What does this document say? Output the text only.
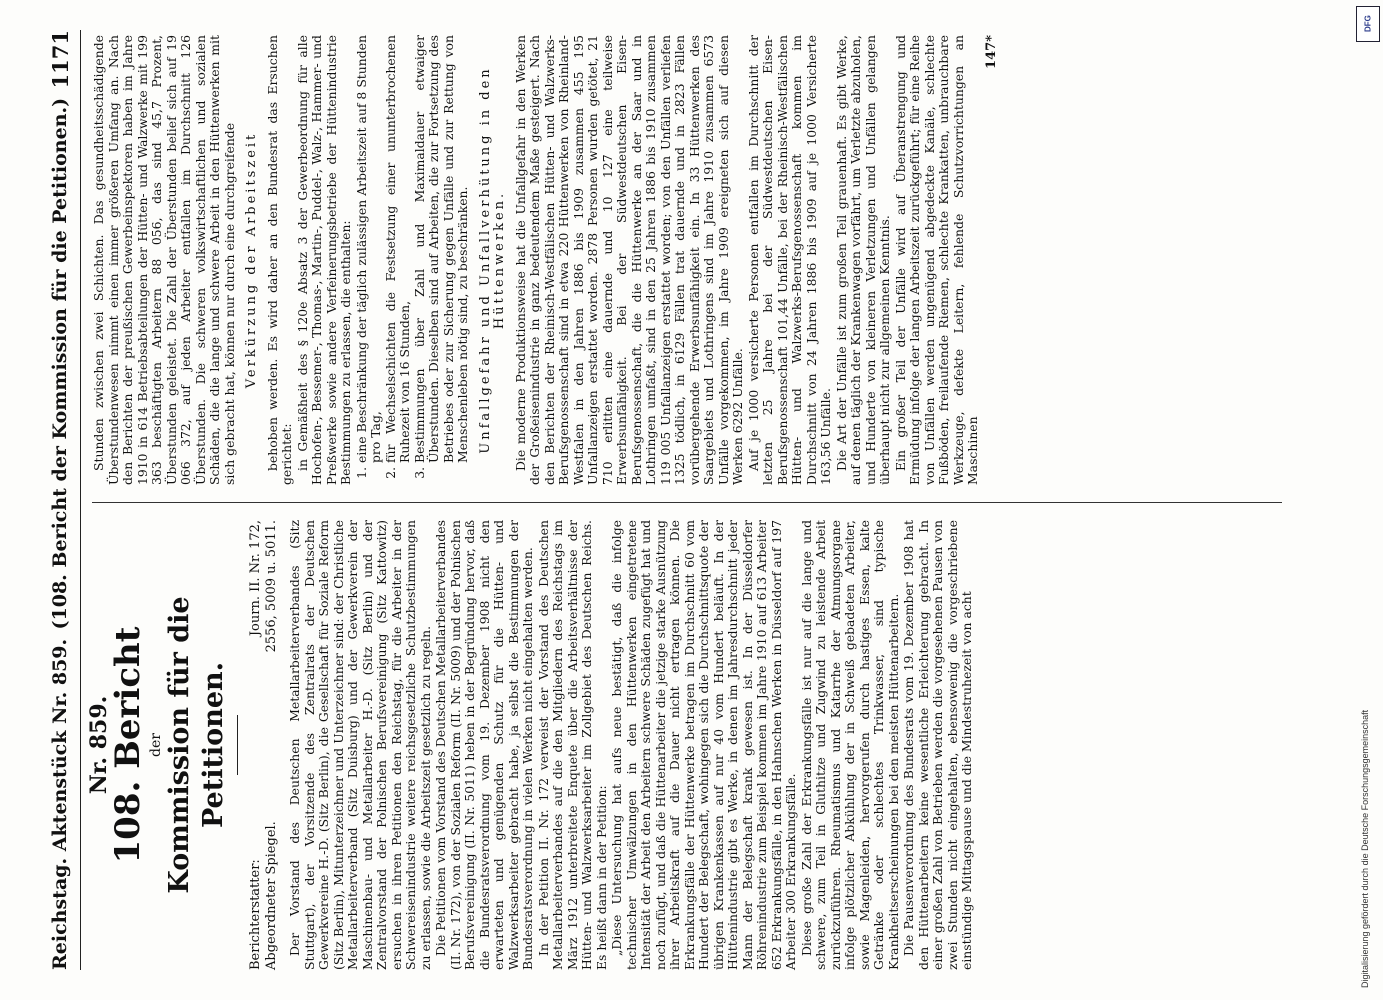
Reichstag. Aktenstück Nr. 859.
(108. Bericht der Kommission für die Petitionen.)
1171
Nr. 859.
108. Bericht der Kommission für die Petitionen.
Berichterstatter: Abgeordneter Spiegel.
Journ. II. Nr. 172, 2556, 5009 u. 5011. Der Vorstand des Deutschen Metallarbeiterverbandes (Sitz Stuttgart), der Vorsitzende des Zentralrats der Deutschen Gewerkvereine H.-D. (Sitz Berlin), die Gesellschaft für Soziale Reform (Sitz Berlin), Mitunterzeichner und Unterzeichner sind: der Christliche Metallarbeiterverband (Sitz Duisburg) und der Gewerkverein der Maschinenbau- und Metallarbeiter H.-D. (Sitz Berlin) und der Zentralvorstand der Polnischen Berufsvereinigung (Sitz Kattowitz) ersuchen in ihren Petitionen den Reichstag, für die Arbeiter in der Schwereisenindustrie weitere reichsgesetzliche Schutzbestimmungen zu erlassen, sowie die Arbeitszeit gesetzlich zu regeln. Die Petitionen vom Vorstand des Deutschen Metallarbeiterverbandes (II. Nr. 172), von der Sozialen Reform (II. Nr. 5009) und der Polnischen Berufsvereinigung (II. Nr. 5011) heben in der Begründung hervor, daß die Bundesratsverordnung vom 19. Dezember 1908 nicht den erwarteten und genügenden Schutz für die Hütten- und Walzwerksarbeiter gebracht habe, ja selbst die Bestimmungen der Bundesratsverordnung in vielen Werken nicht eingehalten werden. In der Petition II. Nr. 172 verweist der Vorstand des Deutschen Metallarbeiterverbandes auf die den Mitgliedern des Reichstags im März 1912 unterbreitete Enquete über die Arbeitsverhältnisse der Hütten- und Walzwerksarbeiter im Zollgebiet des Deutschen Reichs. Es heißt dann in der Petition: „Diese Untersuchung hat aufs neue bestätigt, daß die infolge technischer Umwälzungen in den Hüttenwerken eingetretene Intensität der Arbeit den Arbeitern schwere Schäden zugefügt hat und noch zufügt, und daß die Hüttenarbeiter die jetzige starke Ausnützung ihrer Arbeitskraft auf die Dauer nicht ertragen können. Die Erkrankungsfälle der Hüttenwerke betragen im Durchschnitt 60 vom Hundert der Belegschaft, wohingegen sich die Durchschnittsquote der übrigen Krankenkassen auf nur 40 vom Hundert beläuft. In der Hüttenindustrie gibt es Werke, in denen im Jahresdurchschnitt jeder Mann der Belegschaft krank gewesen ist. In der Düsseldorfer Röhrenindustrie zum Beispiel kommen im Jahre 1910 auf 613 Arbeiter 652 Erkrankungsfälle, in den Hahnschen Werken in Düsseldorf auf 197 Arbeiter 300 Erkrankungsfälle. Diese große Zahl der Erkrankungsfälle ist nur auf die lange und schwere, zum Teil in Gluthitze und Zugwind zu leistende Arbeit zurückzuführen. Rheumatismus und Katarrhe der Atmungsorgane infolge plötzlicher Abkühlung der in Schweiß gebadeten Arbeiter, sowie Magenleiden, hervorgerufen durch hastiges Essen, kalte Getränke oder schlechtes Trinkwasser, sind typische Krankheitserscheinungen bei den meisten Hüttenarbeitern. Die Pausenverordnung des Bundesrats vom 19. Dezember 1908 hat den Hüttenarbeitern keine wesentliche Erleichterung gebracht. In einer großen Zahl von Betrieben werden die vorgesehenen Pausen von zwei Stunden nicht eingehalten, ebensowenig die vorgeschriebene einstündige Mittagspause und die Mindestruhezeit von acht

Stunden zwischen zwei Schichten. Das gesundheitsschädigende Überstundenwesen nimmt einen immer größeren Umfang an. Nach den Berichten der preußischen Gewerbeinspektoren haben im Jahre 1910 in 614 Betriebsabteilungen der Hütten- und Walzwerke mit 199 363 beschäftigten Arbeitern 88 056, das sind 45,7 Prozent, Überstunden geleistet. Die Zahl der Überstunden belief sich auf 19 066 372, auf jeden Arbeiter entfallen im Durchschnitt 126 Überstunden. Die schweren volkswirtschaftlichen und sozialen Schäden, die die lange und schwere Arbeit in den Hüttenwerken mit sich gebracht hat, können nur durch eine durchgreifende Verkürzung der Arbeitszeit behoben werden. Es wird daher an den Bundesrat das Ersuchen gerichtet: in Gemäßheit des § 120e Absatz 3 der Gewerbeordnung für alle Hochofen-, Bessemer-, Thomas-, Martin-, Puddel-, Walz-, Hammer- und Preßwerke sowie andere Verfeinerungsbetriebe der Hüttenindustrie Bestimmungen zu erlassen, die enthalten: 1. eine Beschränkung der täglich zulässigen Arbeitszeit auf 8 Stunden pro Tag, 2. für Wechselschichten die Festsetzung einer ununterbrochenen Ruhezeit von 16 Stunden, 3. Bestimmungen über Zahl und Maximaldauer etwaiger Überstunden. Dieselben sind auf Arbeiten, die zur Fortsetzung des Betriebes oder zur Sicherung gegen Unfälle und zur Rettung von Menschenleben nötig sind, zu beschränken. Unfallgefahr und Unfallverhütung in den Hüttenwerken. Die moderne Produktionsweise hat die Unfallgefahr in den Werken der Großeisenindustrie in ganz bedeutendem Maße gesteigert. Nach den Berichten der Rheinisch-Westfälischen Hütten- und Walzwerks-Berufsgenossenschaft sind in etwa 220 Hüttenwerken von Rheinland-Westfalen in den Jahren 1886 bis 1909 zusammen 455 195 Unfallanzeigen erstattet worden. 2878 Personen wurden getötet, 21 710 erlitten eine dauernde und 10 127 eine teilweise Erwerbsunfähigkeit. Bei der Südwestdeutschen Eisen-Berufsgenossenschaft, die die Hüttenwerke an der Saar und in Lothringen umfaßt, sind in den 25 Jahren 1886 bis 1910 zusammen 119 005 Unfallanzeigen erstattet worden; von den Unfällen verliefen 1325 tödlich, in 6129 Fällen trat dauernde und in 2823 Fällen vorübergehende Erwerbsunfähigkeit ein. In 33 Hüttenwerken des Saargebiets und Lothringens sind im Jahre 1910 zusammen 6573 Unfälle vorgekommen, im Jahre 1909 ereigneten sich auf diesen Werken 6292 Unfälle. Auf je 1000 versicherte Personen entfallen im Durchschnitt der letzten 25 Jahre bei der Südwestdeutschen Eisen-Berufsgenossenschaft 101,44 Unfälle, bei der Rheinisch-Westfälischen Hütten- und Walzwerks-Berufsgenossenschaft kommen im Durchschnitt von 24 Jahren 1886 bis 1909 auf je 1000 Versicherte 163,56 Unfälle. Die Art der Unfälle ist zum großen Teil grauenhaft. Es gibt Werke, auf denen täglich der Krankenwagen vorfährt, um Verletzte abzuholen, und Hunderte von kleineren Verletzungen und Unfällen gelangen überhaupt nicht zur allgemeinen Kenntnis. Ein großer Teil der Unfälle wird auf Überanstrengung und Ermüdung infolge der langen Arbeitszeit zurückgeführt; für eine Reihe von Unfällen werden ungenügend abgedeckte Kanäle, schlechte Fußböden, freilaufende Riemen, schlechte Krankatten, unbrauchbare Werkzeuge, defekte Leitern, fehlende Schutzvorrichtungen an Maschinen

147*
DFG
Digitalisierung gefördert durch die Deutsche Forschungsgemeinschaft
